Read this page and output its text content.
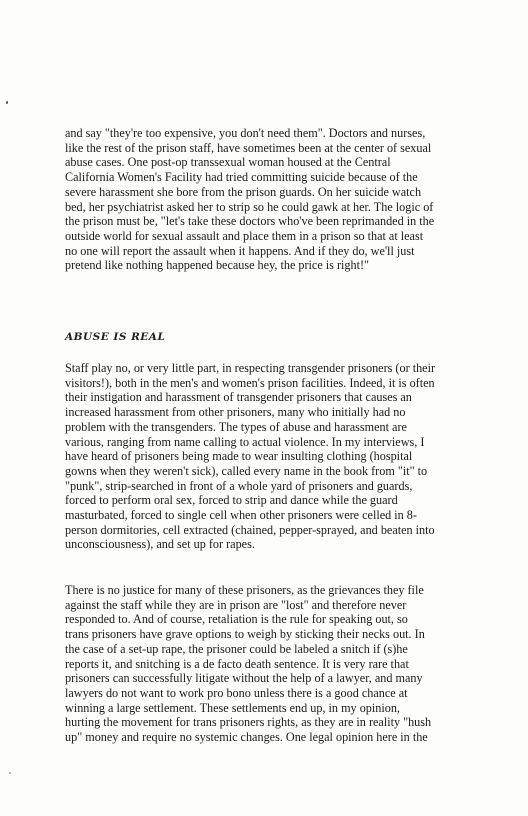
and say "they're too expensive, you don't need them". Doctors and nurses,
like the rest of the prison staff, have sometimes been at the center of sexual
abuse cases. One post-op transsexual woman housed at the Central
California Women's Facility had tried committing suicide because of the
severe harassment she bore from the prison guards. On her suicide watch
bed, her psychiatrist asked her to strip so he could gawk at her. The logic of
the prison must be, "let's take these doctors who've been reprimanded in the
outside world for sexual assault and place them in a prison so that at least
no one will report the assault when it happens. And if they do, we'll just
pretend like nothing happened because hey, the price is right!"

ABUSE IS REAL

Staff play no, or very little part, in respecting transgender prisoners (or their
visitors!), both in the men's and women's prison facilities. Indeed, it is often
their instigation and harassment of transgender prisoners that causes an
increased harassment from other prisoners, many who initially had no
problem with the transgenders. The types of abuse and harassment are
various, ranging from name calling to actual violence. In my interviews, I
have heard of prisoners being made to wear insulting clothing (hospital
gowns when they weren't sick), called every name in the book from "it" to
"punk", strip-searched in front of a whole yard of prisoners and guards,
forced to perform oral sex, forced to strip and dance while the guard
masturbated, forced to single cell when other prisoners were celled in 8-
person dormitories, cell extracted (chained, pepper-sprayed, and beaten into
unconsciousness), and set up for rapes.

There is no justice for many of these prisoners, as the grievances they file
against the staff while they are in prison are "lost" and therefore never
responded to. And of course, retaliation is the rule for speaking out, so
trans prisoners have grave options to weigh by sticking their necks out. In
the case of a set-up rape, the prisoner could be labeled a snitch if (s)he
reports it, and snitching is a de facto death sentence. It is very rare that
prisoners can successfully litigate without the help of a lawyer, and many
lawyers do not want to work pro bono unless there is a good chance at
winning a large settlement. These settlements end up, in my opinion,
hurting the movement for trans prisoners rights, as they are in reality "hush
up" money and require no systemic changes. One legal opinion here in the
